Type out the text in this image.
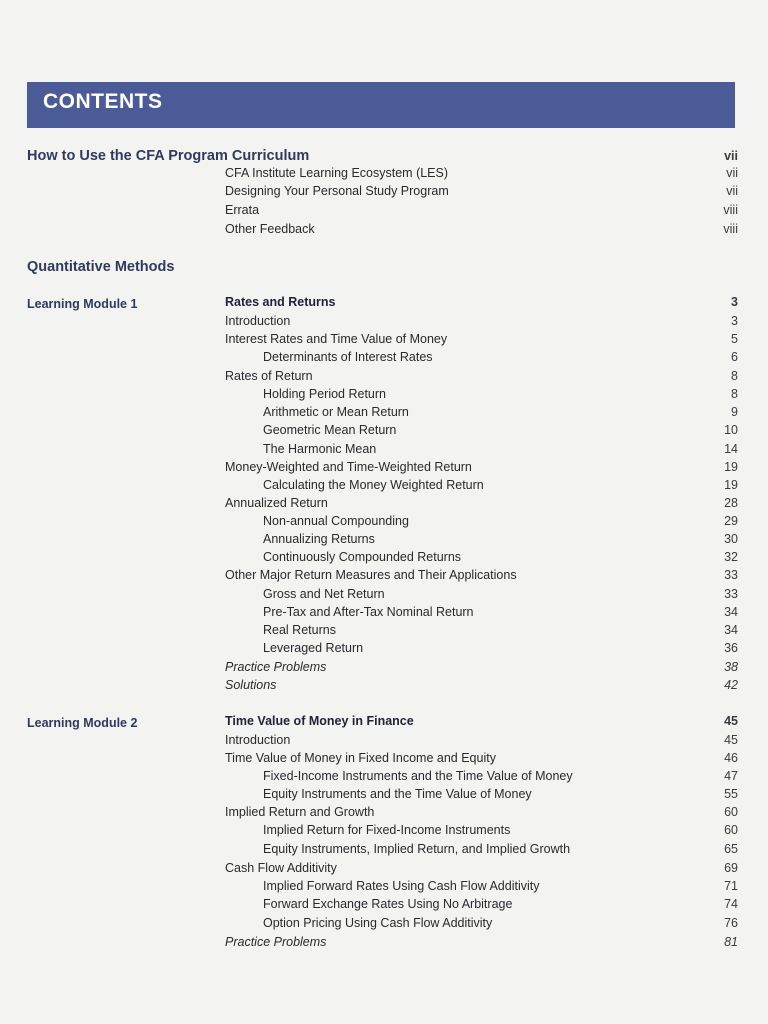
CONTENTS
How to Use the CFA Program Curriculum	vii
CFA Institute Learning Ecosystem (LES)	vii
Designing Your Personal Study Program	vii
Errata	viii
Other Feedback	viii
Quantitative Methods
Learning Module 1	Rates and Returns	3
Introduction	3
Interest Rates and Time Value of Money	5
Determinants of Interest Rates	6
Rates of Return	8
Holding Period Return	8
Arithmetic or Mean Return	9
Geometric Mean Return	10
The Harmonic Mean	14
Money-Weighted and Time-Weighted Return	19
Calculating the Money Weighted Return	19
Annualized Return	28
Non-annual Compounding	29
Annualizing Returns	30
Continuously Compounded Returns	32
Other Major Return Measures and Their Applications	33
Gross and Net Return	33
Pre-Tax and After-Tax Nominal Return	34
Real Returns	34
Leveraged Return	36
Practice Problems	38
Solutions	42
Learning Module 2	Time Value of Money in Finance	45
Introduction	45
Time Value of Money in Fixed Income and Equity	46
Fixed-Income Instruments and the Time Value of Money	47
Equity Instruments and the Time Value of Money	55
Implied Return and Growth	60
Implied Return for Fixed-Income Instruments	60
Equity Instruments, Implied Return, and Implied Growth	65
Cash Flow Additivity	69
Implied Forward Rates Using Cash Flow Additivity	71
Forward Exchange Rates Using No Arbitrage	74
Option Pricing Using Cash Flow Additivity	76
Practice Problems	81
